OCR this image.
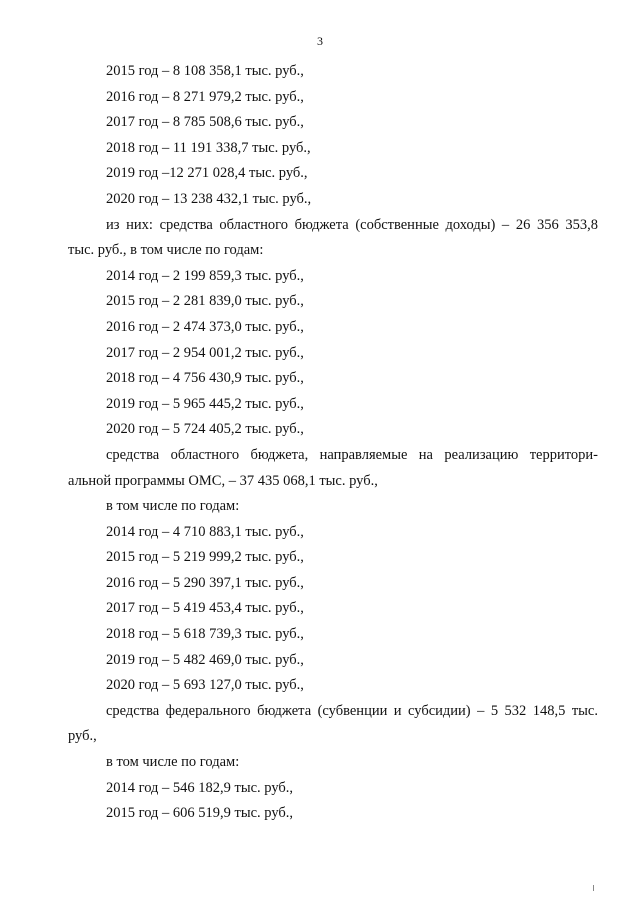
3
2015 год – 8 108 358,1 тыс. руб.,
2016 год – 8 271 979,2 тыс. руб.,
2017 год – 8 785 508,6 тыс. руб.,
2018 год – 11 191 338,7 тыс. руб.,
2019 год –12 271 028,4 тыс. руб.,
2020 год – 13 238 432,1 тыс. руб.,
из них: средства областного бюджета (собственные доходы) – 26 356 353,8
тыс. руб., в том числе по годам:
2014 год – 2 199 859,3 тыс. руб.,
2015 год – 2 281 839,0 тыс. руб.,
2016 год – 2 474 373,0 тыс. руб.,
2017 год – 2 954 001,2 тыс. руб.,
2018 год – 4 756 430,9 тыс. руб.,
2019 год – 5 965 445,2 тыс. руб.,
2020 год – 5 724 405,2 тыс. руб.,
средства областного бюджета, направляемые на реализацию территори-
альной программы ОМС, – 37 435 068,1 тыс. руб.,
в том числе по годам:
2014 год – 4 710 883,1 тыс. руб.,
2015 год – 5 219 999,2 тыс. руб.,
2016 год – 5 290 397,1 тыс. руб.,
2017 год – 5 419 453,4 тыс. руб.,
2018 год – 5 618 739,3 тыс. руб.,
2019 год – 5 482 469,0 тыс. руб.,
2020 год – 5 693 127,0 тыс. руб.,
средства федерального бюджета (субвенции и субсидии) – 5 532 148,5 тыс.
руб.,
в том числе по годам:
2014 год – 546 182,9 тыс. руб.,
2015 год – 606 519,9 тыс. руб.,
